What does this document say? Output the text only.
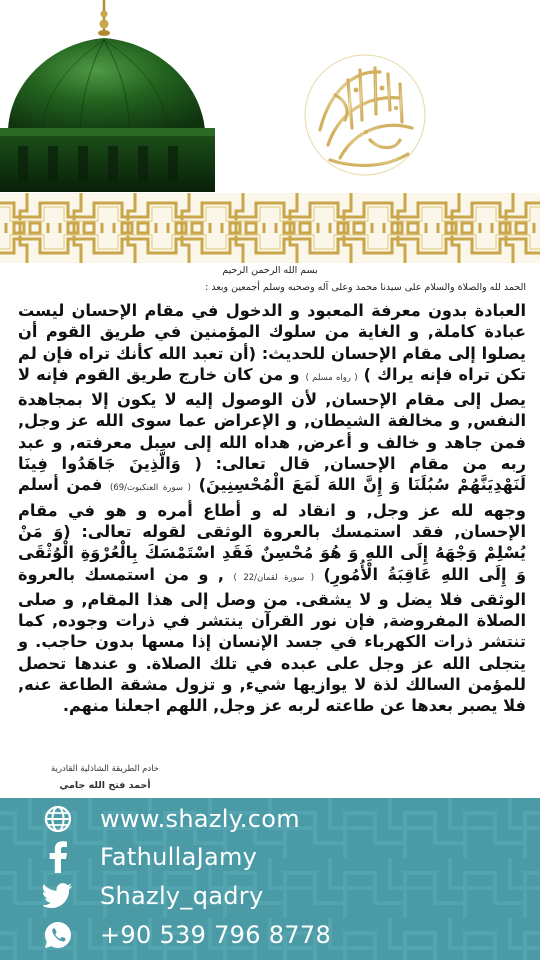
بسم الله الرحمن الرحيم
الحمد لله والصلاة والسلام على سيدنا محمد وعلى آله وصحبه وسلم أجمعين وبعد :

العبادة بدون معرفة المعبود و الدخول في مقام الإحسان ليست عبادة كاملة, و الغاية من سلوك المؤمنين في طريق القوم أن يصلوا إلى مقام الإحسان للحديث: (أن تعبد الله كأنك تراه فإن لم تكن تراه فإنه يراك ) ( رواه مسلم ) و من كان خارج طريق القوم فإنه لا يصل إلى مقام الإحسان, لأن الوصول إليه لا يكون إلا بمجاهدة النفس, و مخالفة الشيطان, و الإعراض عما سوى الله عز وجل, فمن جاهد و خالف و أعرض, هداه الله إلى سبل معرفته, و عبد ربه من مقام الإحسان, قال تعالى: ( وَالَّذِينَ جَاهَدُوا فِينَا لَنَهْدِيَنَّهُمْ سُبُلَنَا وَ إِنَّ اللهَ لَمَعَ الْمُحْسِنِينَ) ( سورة العنكبوت/69) فمن أسلم وجهه لله عز وجل, و انقاد له و أطاع أمره و هو في مقام الإحسان, فقد استمسك بالعروة الوثقى لقوله تعالى: (وَ مَنْ يُسْلِمْ وَجْهَهُ إِلَى اللهِ وَ هُوَ مُحْسِنٌ فَقَدِ اسْتَمْسَكَ بِالْعُرْوَةِ الْوُثْقَى وَ إِلَى اللهِ عَاقِبَةُ الْأُمُورِ) ( سورة لقمان/22 ) , و من استمسك بالعروة الوثقى فلا يضل و لا يشقى. من وصل إلى هذا المقام, و صلى الصلاة المفروضة, فإن نور القرآن ينتشر في ذرات وجوده, كما تنتشر ذرات الكهرباء في جسد الإنسان إذا مسها بدون حاجب. و يتجلى الله عز وجل على عبده في تلك الصلاة. و عندها تحصل للمؤمن السالك لذة لا يوازيها شيء, و تزول مشقة الطاعة عنه, فلا يصبر بعدها عن طاعته لربه عز وجل, اللهم اجعلنا منهم.

خادم الطريقة الشاذلية القادرية
أحمد فتح الله جامي
www.shazly.com
FathullaJamy
Shazly_qadry
+90 539 796 8778
